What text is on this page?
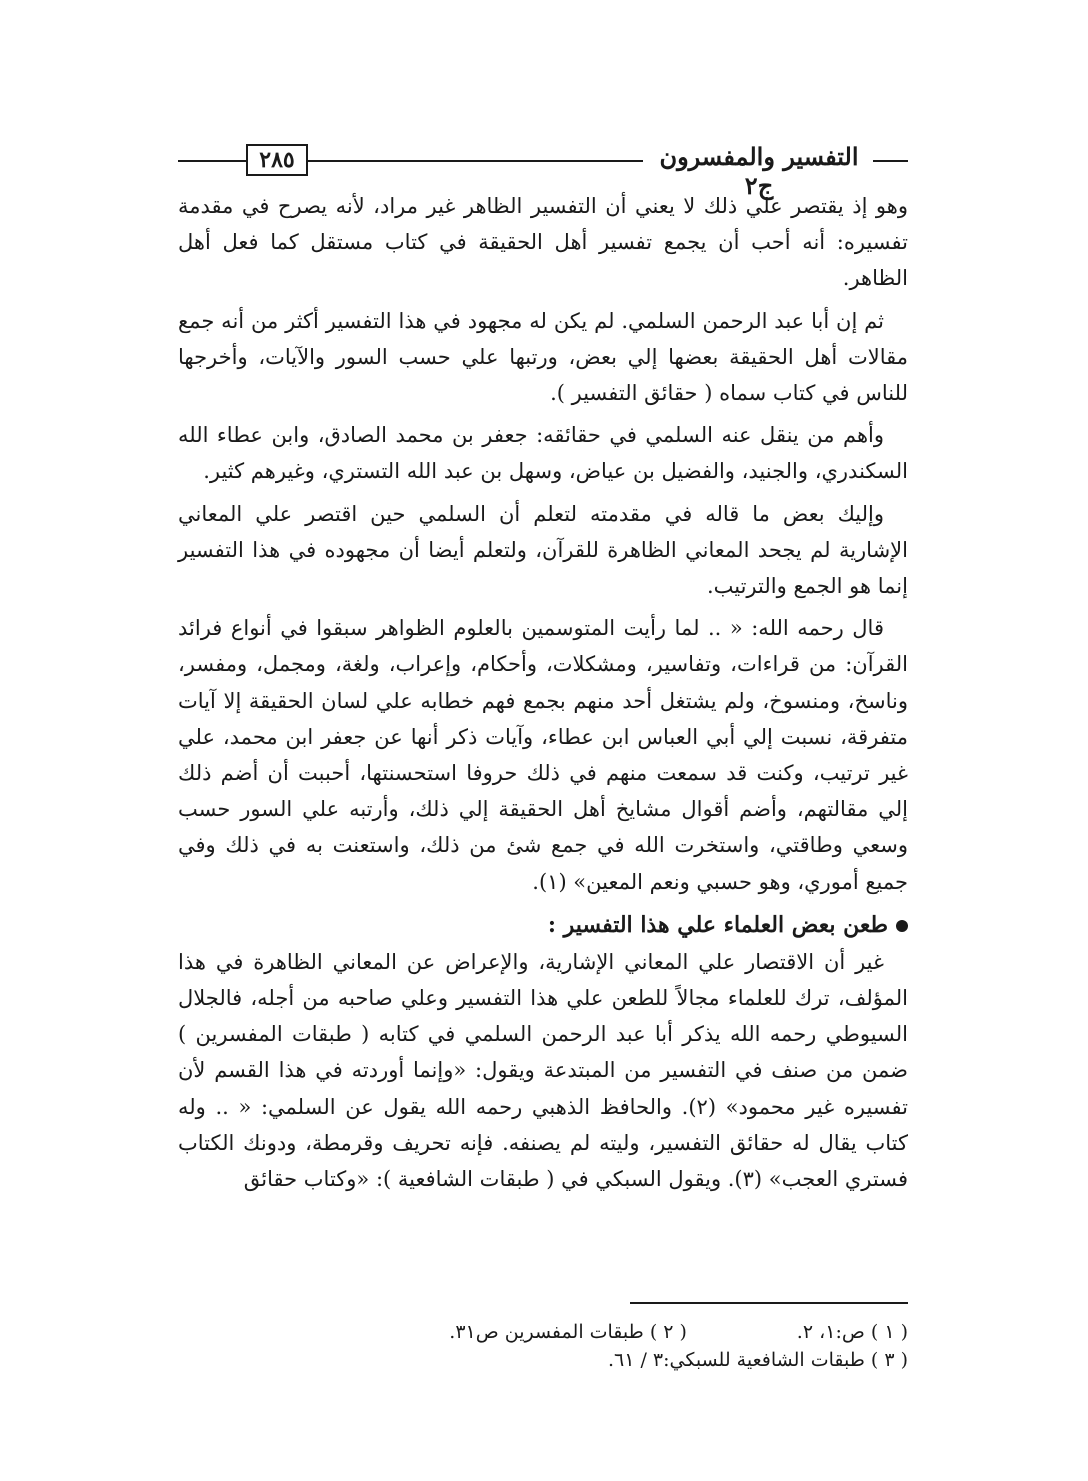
٢٨٥	التفسير والمفسرون ج٢

وهو إذ يقتصر علي ذلك لا يعني أن التفسير الظاهر غير مراد، لأنه يصرح في مقدمة تفسيره: أنه أحب أن يجمع تفسير أهل الحقيقة في كتاب مستقل كما فعل أهل الظاهر.

ثم إن أبا عبد الرحمن السلمي. لم يكن له مجهود في هذا التفسير أكثر من أنه جمع مقالات أهل الحقيقة بعضها إلي بعض، ورتبها علي حسب السور والآيات، وأخرجها للناس في كتاب سماه ( حقائق التفسير ).

وأهم من ينقل عنه السلمي في حقائقه: جعفر بن محمد الصادق، وابن عطاء الله السكندري، والجنيد، والفضيل بن عياض، وسهل بن عبد الله التستري، وغيرهم كثير.

وإليك بعض ما قاله في مقدمته لتعلم أن السلمي حين اقتصر علي المعاني الإشارية لم يجحد المعاني الظاهرة للقرآن، ولتعلم أيضا أن مجهوده في هذا التفسير إنما هو الجمع والترتيب.

قال رحمه الله: « .. لما رأيت المتوسمين بالعلوم الظواهر سبقوا في أنواع فرائد القرآن: من قراءات، وتفاسير، ومشكلات، وأحكام، وإعراب، ولغة، ومجمل، ومفسر، وناسخ، ومنسوخ، ولم يشتغل أحد منهم بجمع فهم خطابه علي لسان الحقيقة إلا آيات متفرقة، نسبت إلي أبي العباس ابن عطاء، وآيات ذكر أنها عن جعفر ابن محمد، علي غير ترتيب، وكنت قد سمعت منهم في ذلك حروفا استحسنتها، أحببت أن أضم ذلك إلي مقالتهم، وأضم أقوال مشايخ أهل الحقيقة إلي ذلك، وأرتبه علي السور حسب وسعي وطاقتي، واستخرت الله في جمع شئ من ذلك، واستعنت به في ذلك وفي جميع أموري، وهو حسبي ونعم المعين» (١).

طعن بعض العلماء علي هذا التفسير :

غير أن الاقتصار علي المعاني الإشارية، والإعراض عن المعاني الظاهرة في هذا المؤلف، ترك للعلماء مجالاً للطعن علي هذا التفسير وعلي صاحبه من أجله، فالجلال السيوطي رحمه الله يذكر أبا عبد الرحمن السلمي في كتابه ( طبقات المفسرين ) ضمن من صنف في التفسير من المبتدعة ويقول: «وإنما أوردته في هذا القسم لأن تفسيره غير محمود» (٢). والحافظ الذهبي رحمه الله يقول عن السلمي: « .. وله كتاب يقال له حقائق التفسير، وليته لم يصنفه. فإنه تحريف وقرمطة، ودونك الكتاب فستري العجب» (٣). ويقول السبكي في ( طبقات الشافعية ): «وكتاب حقائق

( ١ ) ص:١، ٢. ( ٢ ) طبقات المفسرين ص٣١.
( ٣ ) طبقات الشافعية للسبكي:٣ / ٦١.
